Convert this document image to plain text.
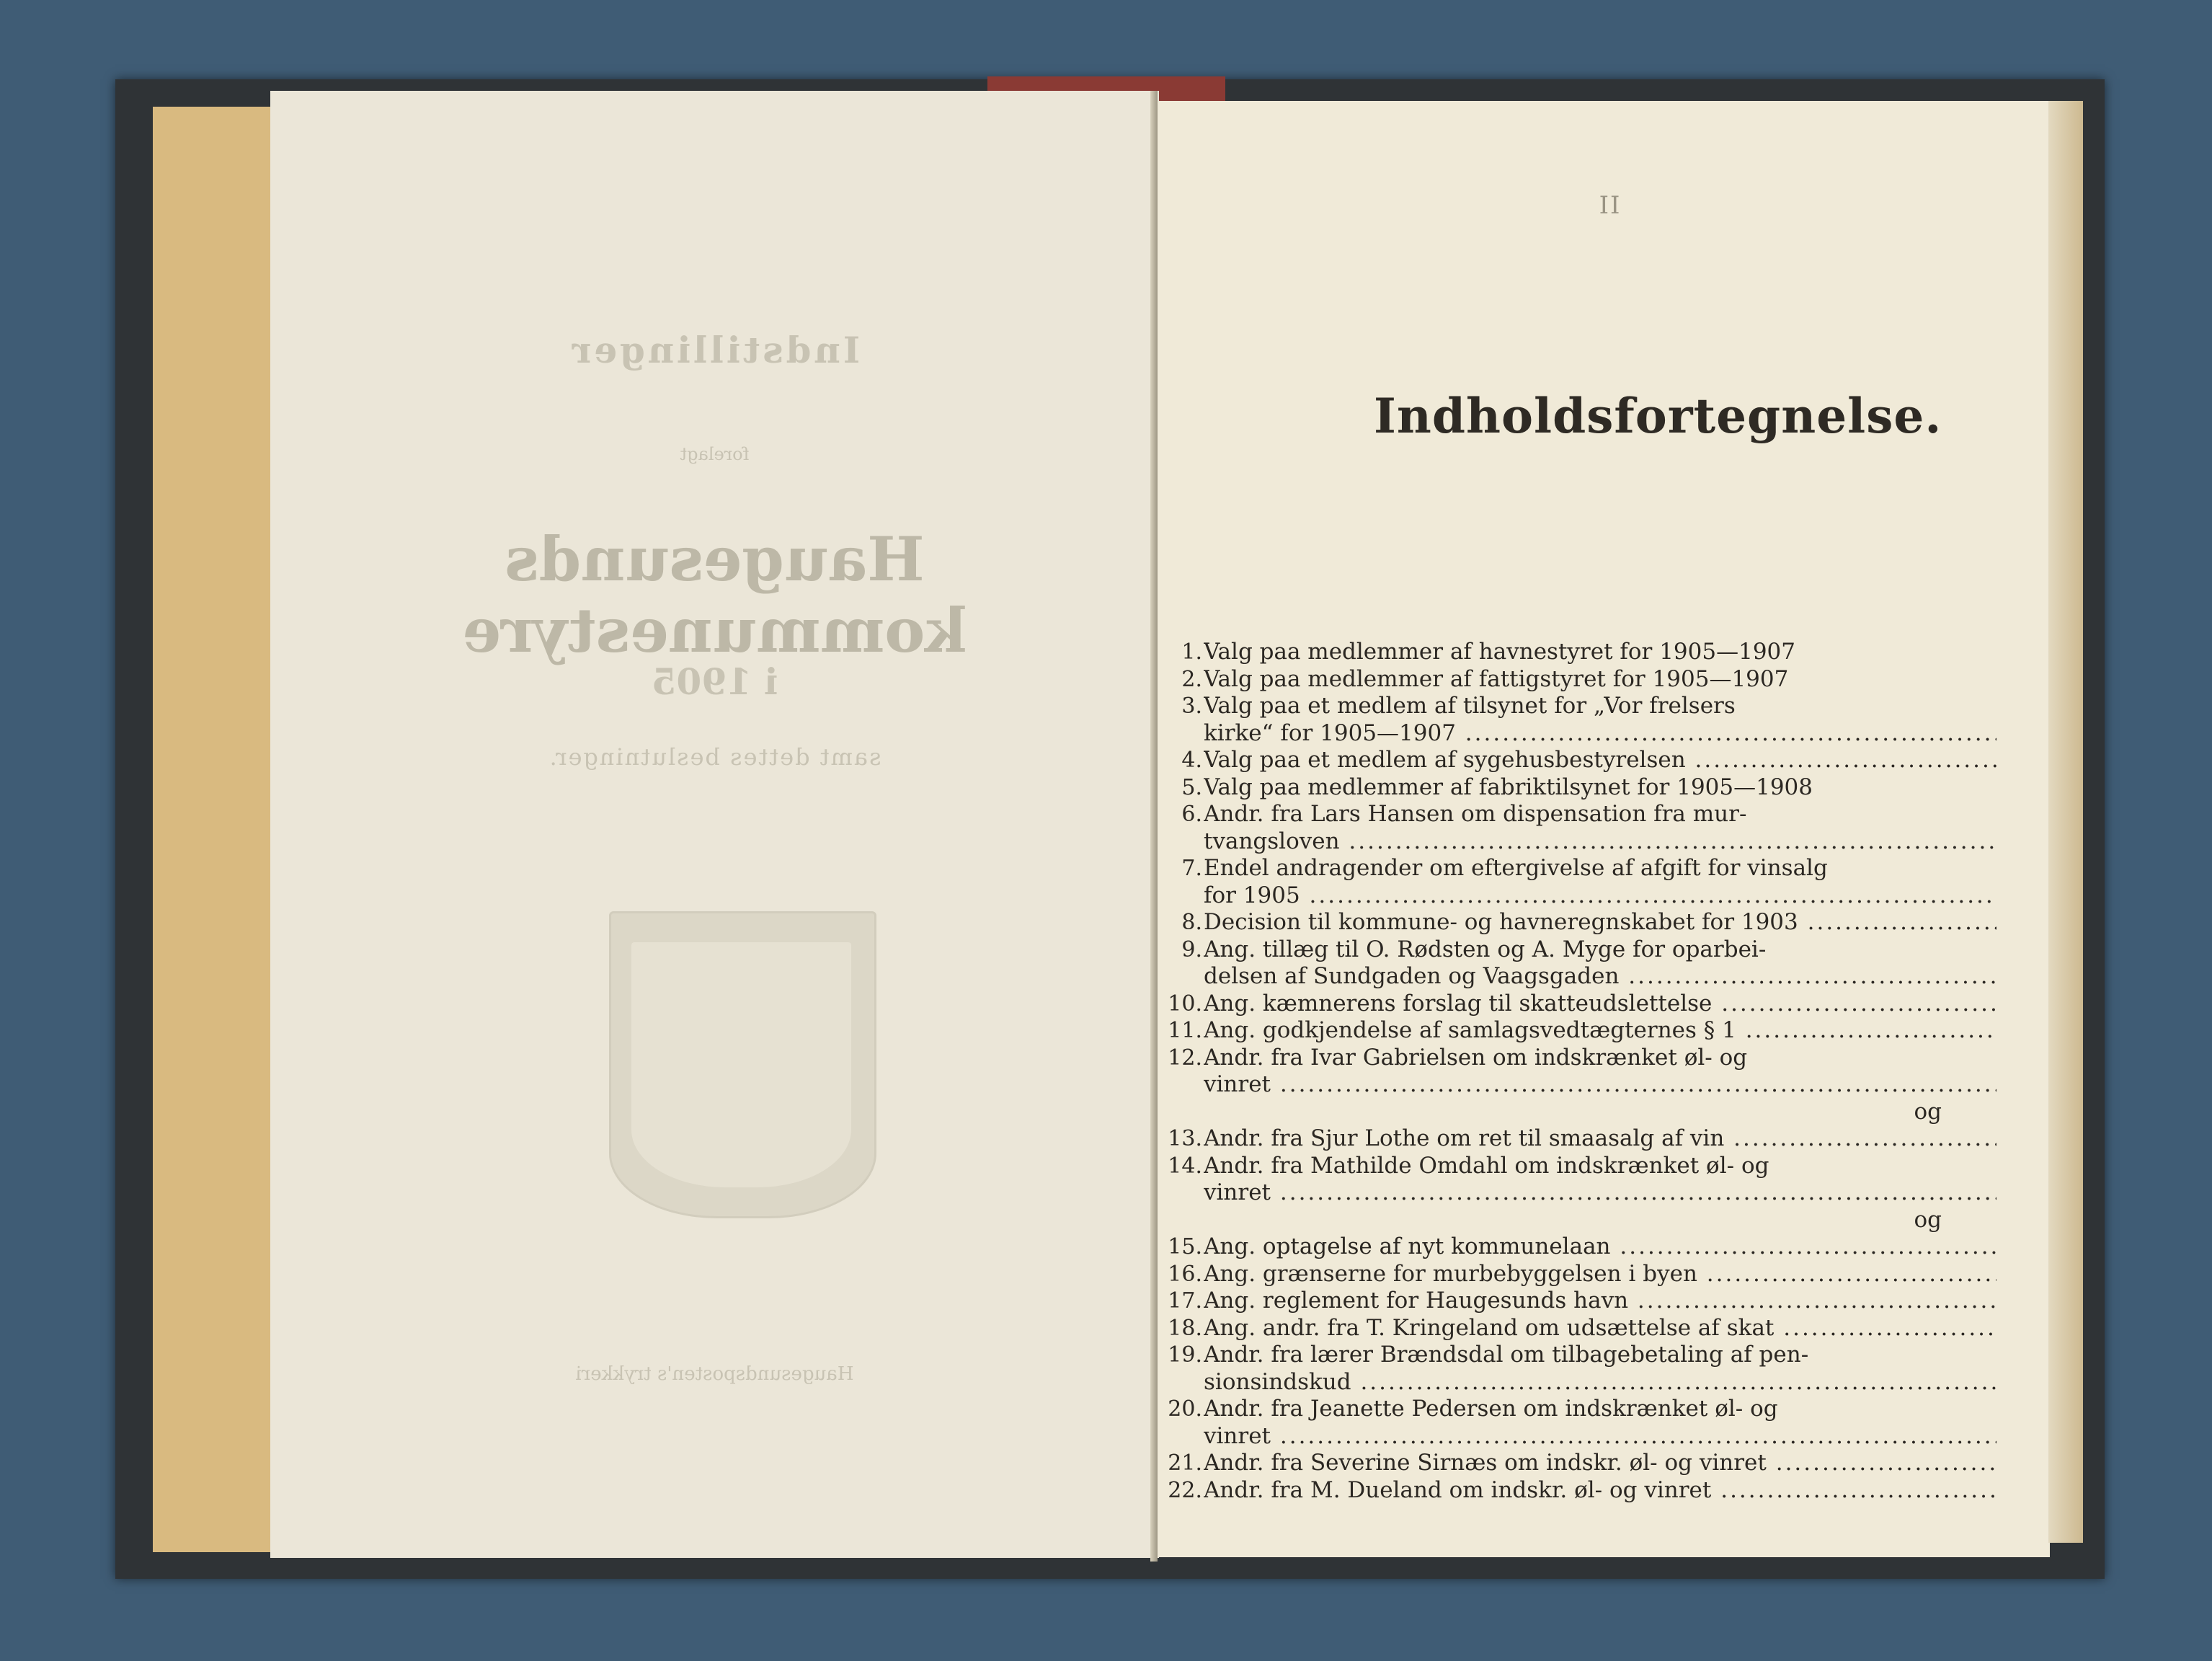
Indstillinger
forelagt
Haugesunds kommunestyre
i 1905
samt dettes beslutninger.
Haugesundsposten's trykkeri
II
Indholdsfortegnelse.
1. Valg paa medlemmer af havnestyret for 1905—1907
2. Valg paa medlemmer af fattigstyret for 1905—1907
3. Valg paa et medlem af tilsynet for „Vor frelsers
kirke“ for 1905—1907 .....
4. Valg paa et medlem af sygehusbestyrelsen .....
5. Valg paa medlemmer af fabriktilsynet for 1905—1908
6. Andr. fra Lars Hansen om dispensation fra mur-
tvangsloven .....
7. Endel andragender om eftergivelse af afgift for vinsalg
for 1905 .....
8. Decision til kommune- og havneregnskabet for 1903 .....
9. Ang. tillæg til O. Rødsten og A. Myge for oparbei-
delsen af Sundgaden og Vaagsgaden .....
10. Ang. kæmnerens forslag til skatteudslettelse .....
11. Ang. godkjendelse af samlagsvedtægternes § 1 .....
12. Andr. fra Ivar Gabrielsen om indskrænket øl- og
vinret .....
og
13. Andr. fra Sjur Lothe om ret til smaasalg af vin .....
14. Andr. fra Mathilde Omdahl om indskrænket øl- og
vinret .....
og
15. Ang. optagelse af nyt kommunelaan .....
16. Ang. grænserne for murbebyggelsen i byen .....
17. Ang. reglement for Haugesunds havn .....
18. Ang. andr. fra T. Kringeland om udsættelse af skat .....
19. Andr. fra lærer Brændsdal om tilbagebetaling af pen-
sionsindskud .....
20. Andr. fra Jeanette Pedersen om indskrænket øl- og
vinret .....
21. Andr. fra Severine Sirnæs om indskr. øl- og vinret .....
22. Andr. fra M. Dueland om indskr. øl- og vinret .....
